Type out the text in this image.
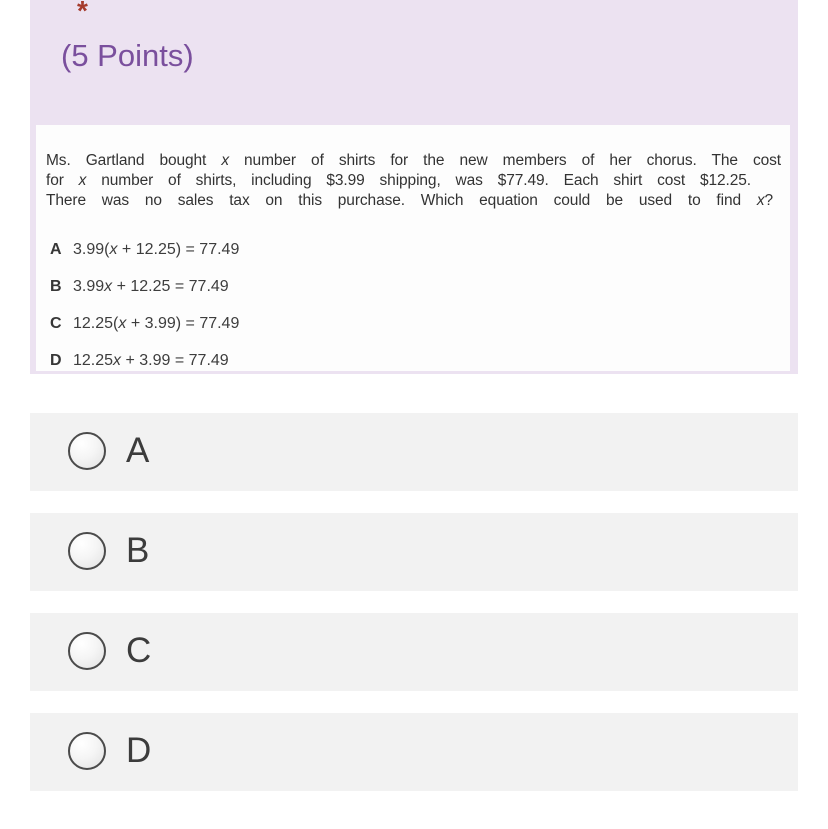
*
(5 Points)
Ms. Gartland bought x number of shirts for the new members of her chorus. The cost
for x number of shirts, including $3.99 shipping, was $77.49. Each shirt cost $12.25.
There was no sales tax on this purchase. Which equation could be used to find x?
A 3.99(x + 12.25) = 77.49
B 3.99x + 12.25 = 77.49
C 12.25(x + 3.99) = 77.49
D 12.25x + 3.99 = 77.49
A
B
C
D
